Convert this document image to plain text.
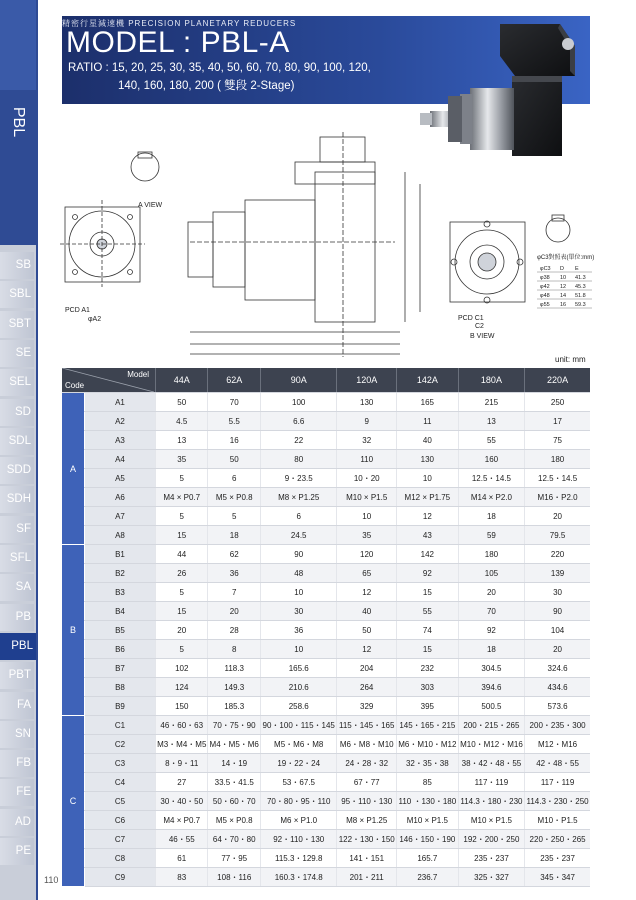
PBL
SB
SBL
SBT
SE
SEL
SD
SDL
SDD
SDH
SF
SFL
SA
PB
PBL
PBT
FA
SN
FB
FE
AD
PE
精密行星減速機 PRECISION PLANETARY REDUCERS
MODEL : PBL-A
RATIO : 15, 20, 25, 30, 35, 40, 50, 60, 70, 80, 90, 100, 120,
140, 160, 180, 200 ( 雙段 2-Stage)
PCD A1
φA2
A VIEW
PCD C1
C2
B VIEW
φC3對照表(單位:mm)
φC3 D E
φ38 10 41.3
φ42 12 45.3
φ48 14 51.8
φ55 16 59.3
unit: mm
Model
Code		44A	62A	90A	120A	142A	180A	220A
A	A1	50	70	100	130	165	215	250
	A2	4.5	5.5	6.6	9	11	13	17
	A3	13	16	22	32	40	55	75
	A4	35	50	80	110	130	160	180
	A5	5	6	9・23.5	10・20	10	12.5・14.5	12.5・14.5
	A6	M4 × P0.7	M5 × P0.8	M8 × P1.25	M10 × P1.5	M12 × P1.75	M14 × P2.0	M16・P2.0
	A7	5	5	6	10	12	18	20
	A8	15	18	24.5	35	43	59	79.5
B	B1	44	62	90	120	142	180	220
	B2	26	36	48	65	92	105	139
	B3	5	7	10	12	15	20	30
	B4	15	20	30	40	55	70	90
	B5	20	28	36	50	74	92	104
	B6	5	8	10	12	15	18	20
	B7	102	118.3	165.6	204	232	304.5	324.6
	B8	124	149.3	210.6	264	303	394.6	434.6
	B9	150	185.3	258.6	329	395	500.5	573.6
C	C1	46・60・63	70・75・90	90・100・115・145	115・145・165	145・165・215	200・215・265	200・235・300
	C2	M3・M4・M5	M4・M5・M6	M5・M6・M8	M6・M8・M10	M6・M10・M12	M10・M12・M16	M12・M16
	C3	8・9・11	14・19	19・22・24	24・28・32	32・35・38	38・42・48・55	42・48・55
	C4	27	33.5・41.5	53・67.5	67・77	85	117・119	117・119
	C5	30・40・50	50・60・70	70・80・95・110	95・110・130	110 ・130・180	114.3・180・230	114.3・230・250
	C6	M4 × P0.7	M5 × P0.8	M6 × P1.0	M8 × P1.25	M10 × P1.5	M10 × P1.5	M10・P1.5
	C7	46・55	64・70・80	92・110・130	122・130・150	146・150・190	192・200・250	220・250・265
	C8	61	77・95	115.3・129.8	141・151	165.7	235・237	235・237
	C9	83	108・116	160.3・174.8	201・211	236.7	325・327	345・347
110
